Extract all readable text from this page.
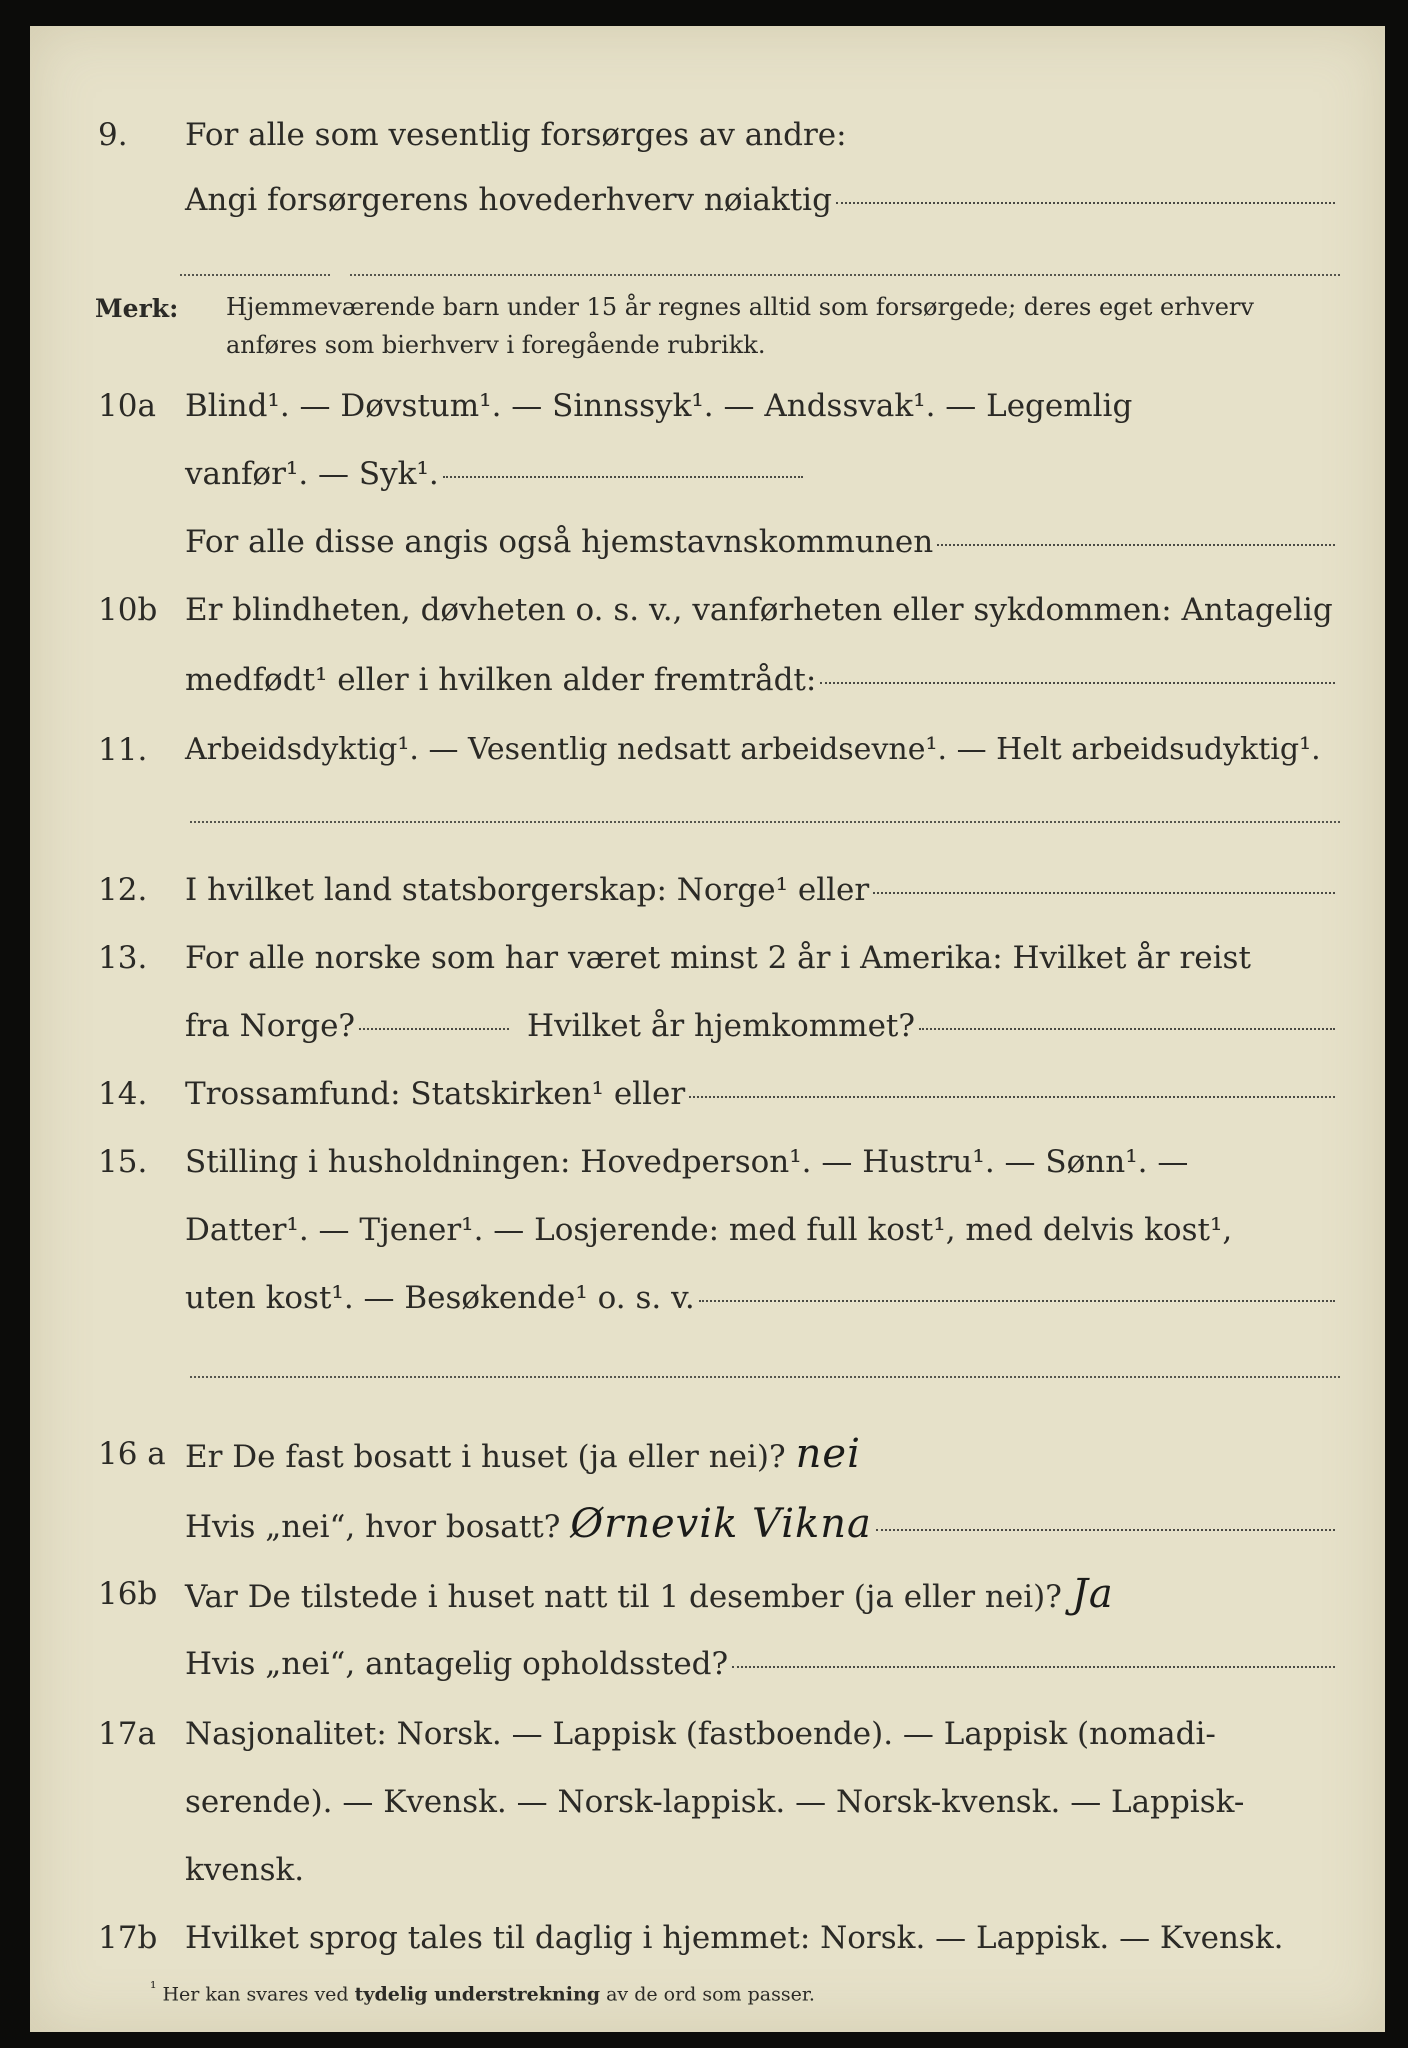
9. For alle som vesentlig forsørges av andre:
Angi forsørgerens hovederhverv nøiaktig
Merk: Hjemmeværende barn under 15 år regnes alltid som forsørgede; deres eget erhverv
anføres som bierhverv i foregående rubrikk.
10a Blind¹. — Døvstum¹. — Sinnssyk¹. — Andssvak¹. — Legemlig
vanfør¹. — Syk¹.
For alle disse angis også hjemstavnskommunen
10b Er blindheten, døvheten o. s. v., vanførheten eller sykdommen: Antagelig
medfødt¹ eller i hvilken alder fremtrådt:
11. Arbeidsdyktig¹. — Vesentlig nedsatt arbeidsevne¹. — Helt arbeidsudyktig¹.
12. I hvilket land statsborgerskap: Norge¹ eller
13. For alle norske som har været minst 2 år i Amerika: Hvilket år reist
fra Norge?	Hvilket år hjemkommet?
14. Trossamfund: Statskirken¹ eller
15. Stilling i husholdningen: Hovedperson¹. — Hustru¹. — Sønn¹. —
Datter¹. — Tjener¹. — Losjerende: med full kost¹, med delvis kost¹,
uten kost¹. — Besøkende¹ o. s. v.
16 a Er De fast bosatt i huset (ja eller nei)? nei
Hvis „nei“, hvor bosatt? Ørnevik Vikna
16b Var De tilstede i huset natt til 1 desember (ja eller nei)? Ja
Hvis „nei“, antagelig opholdssted?
17a Nasjonalitet: Norsk. — Lappisk (fastboende). — Lappisk (nomadi-
serende). — Kvensk. — Norsk-lappisk. — Norsk-kvensk. — Lappisk-
kvensk.
17b Hvilket sprog tales til daglig i hjemmet: Norsk. — Lappisk. — Kvensk.
$^{^1}$ Her kan svares ved tydelig understrekning av de ord som passer.
